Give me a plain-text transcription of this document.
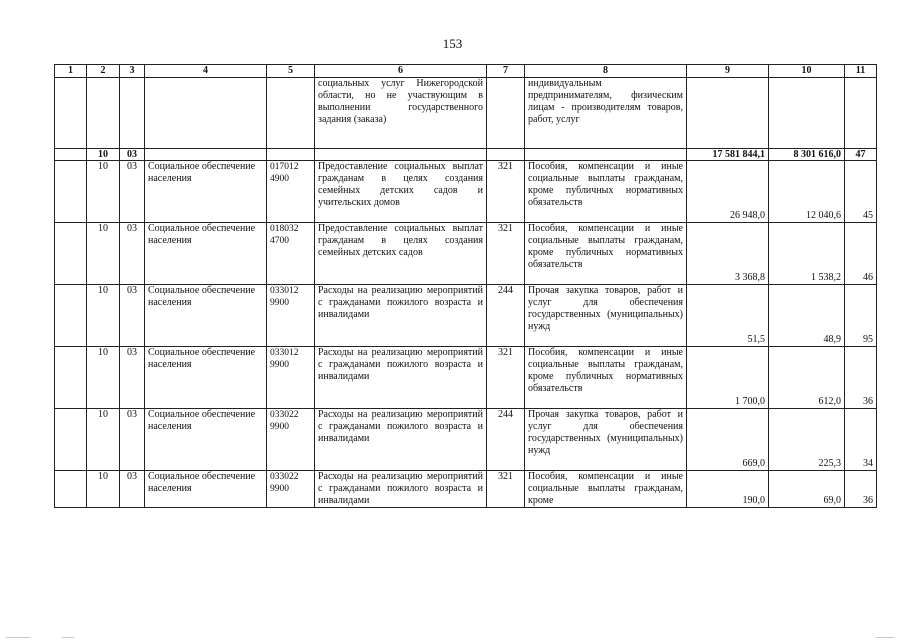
153
1	2	3	4	5	6	7	8	9	10	11
					социальных услуг Нижегородской области, но не участвующим в выполнении государственного задания (заказа)		индивидуальным предпринимателям, физическим лицам - производителям товаров, работ, услуг			
	10	03						17 581 844,1	8 301 616,0	47
	10	03	Социальное обеспечение населения	017012 4900	Предоставление социальных выплат гражданам в целях создания семейных детских садов и учительских домов	321	Пособия, компенсации и иные социальные выплаты гражданам, кроме публичных нормативных обязательств	26 948,0	12 040,6	45
	10	03	Социальное обеспечение населения	018032 4700	Предоставление социальных выплат гражданам в целях создания семейных детских садов	321	Пособия, компенсации и иные социальные выплаты гражданам, кроме публичных нормативных обязательств	3 368,8	1 538,2	46
	10	03	Социальное обеспечение населения	033012 9900	Расходы на реализацию мероприятий с гражданами пожилого возраста и инвалидами	244	Прочая закупка товаров, работ и услуг для обеспечения государственных (муниципальных) нужд	51,5	48,9	95
	10	03	Социальное обеспечение населения	033012 9900	Расходы на реализацию мероприятий с гражданами пожилого возраста и инвалидами	321	Пособия, компенсации и иные социальные выплаты гражданам, кроме публичных нормативных обязательств	1 700,0	612,0	36
	10	03	Социальное обеспечение населения	033022 9900	Расходы на реализацию мероприятий с гражданами пожилого возраста и инвалидами	244	Прочая закупка товаров, работ и услуг для обеспечения государственных (муниципальных) нужд	669,0	225,3	34
	10	03	Социальное обеспечение населения	033022 9900	Расходы на реализацию мероприятий с гражданами пожилого возраста и инвалидами	321	Пособия, компенсации и иные социальные выплаты гражданам, кроме	190,0	69,0	36
